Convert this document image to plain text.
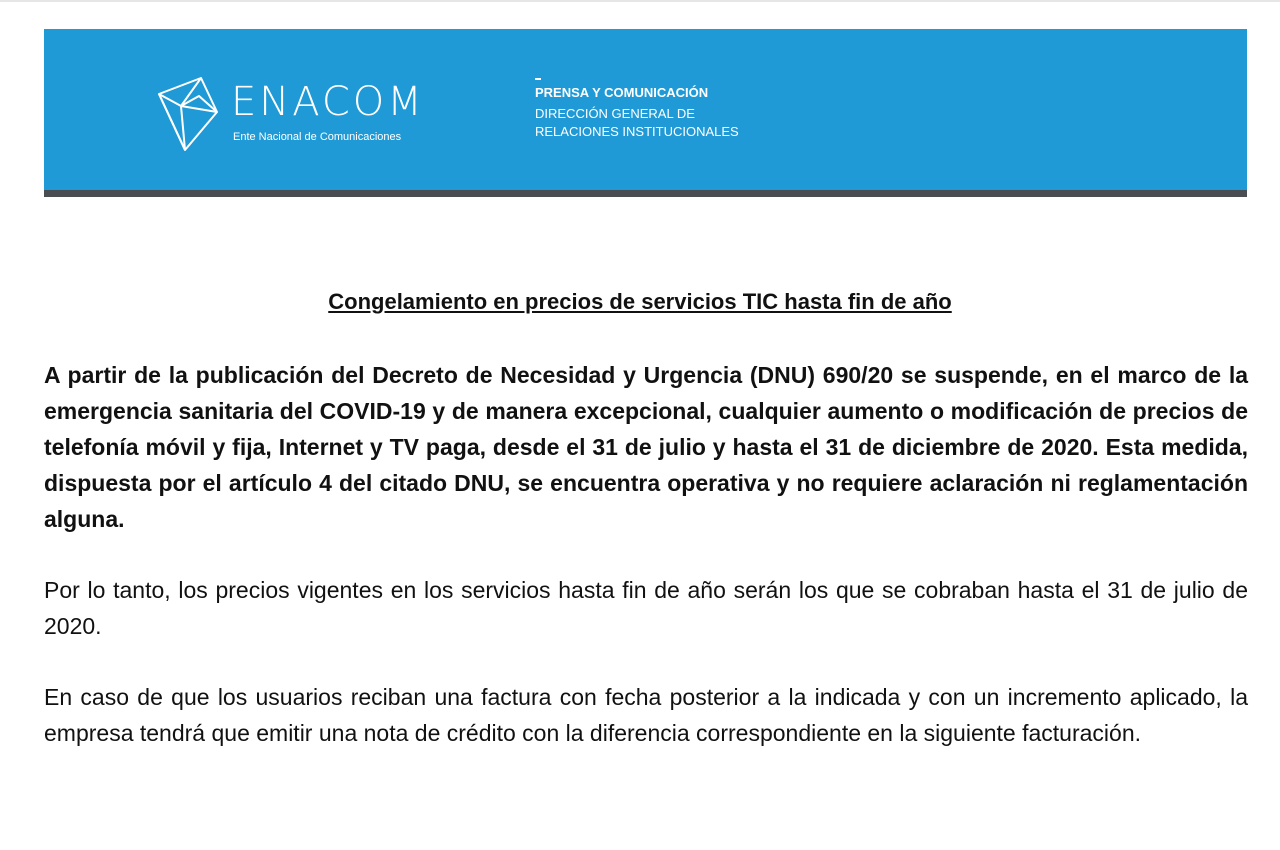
ENACOM
Ente Nacional de Comunicaciones
PRENSA Y COMUNICACIÓN
DIRECCIÓN GENERAL DE
RELACIONES INSTITUCIONALES
Congelamiento en precios de servicios TIC hasta fin de año

A partir de la publicación del Decreto de Necesidad y Urgencia (DNU) 690/20 se suspende, en el marco de la emergencia sanitaria del COVID-19 y de manera excepcional, cualquier aumento o modificación de precios de telefonía móvil y fija, Internet y TV paga, desde el 31 de julio y hasta el 31 de diciembre de 2020. Esta medida, dispuesta por el artículo 4 del citado DNU, se encuentra operativa y no requiere aclaración ni reglamentación alguna.

Por lo tanto, los precios vigentes en los servicios hasta fin de año serán los que se cobraban hasta el 31 de julio de 2020.

En caso de que los usuarios reciban una factura con fecha posterior a la indicada y con un incremento aplicado, la empresa tendrá que emitir una nota de crédito con la diferencia correspondiente en la siguiente facturación.
